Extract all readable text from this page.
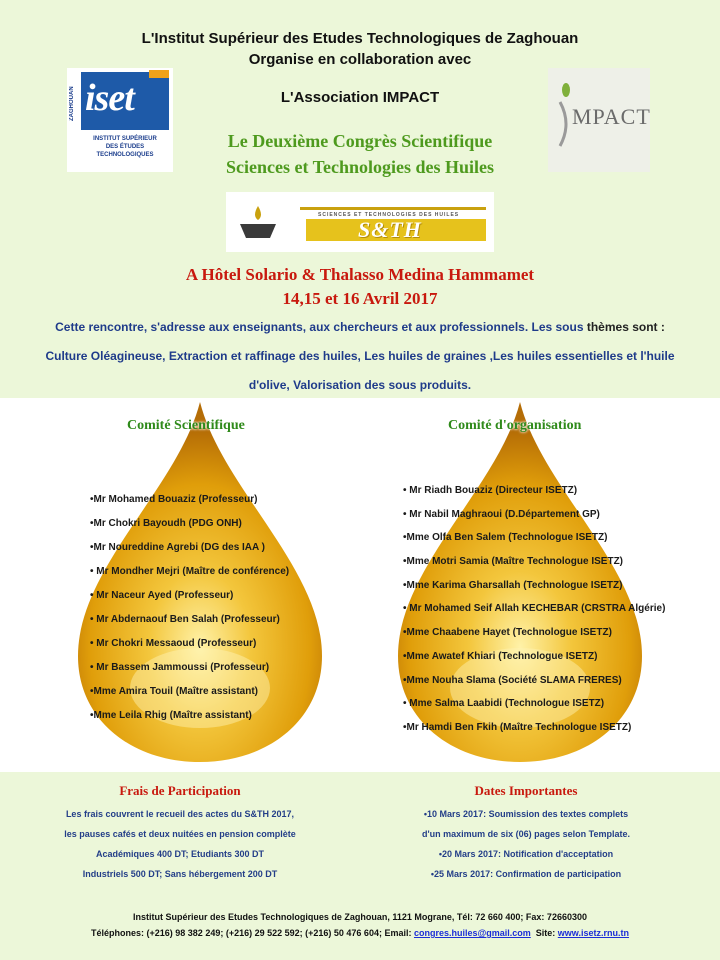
L'Institut Supérieur des Etudes Technologiques de Zaghouan
Organise en collaboration avec
L'Association IMPACT
ZAGHOUAN iset
INSTITUT SUPÉRIEUR
DES ÉTUDES
TECHNOLOGIQUES
MPACT
Le Deuxième Congrès Scientifique
Sciences et Technologies des Huiles
SCIENCES ET TECHNOLOGIES DES HUILES
S&TH
A Hôtel Solario & Thalasso Medina Hammamet
14,15 et 16 Avril 2017
Cette rencontre, s'adresse aux enseignants, aux chercheurs et aux professionnels. Les sous thèmes sont : Culture Oléagineuse, Extraction et raffinage des huiles, Les huiles de graines ,Les huiles essentielles et l'huile d'olive, Valorisation des sous produits.
Comité Scientifique	Comité d'organisation
•Mr Mohamed Bouaziz (Professeur)
•Mr Chokri Bayoudh (PDG ONH)
•Mr Noureddine Agrebi (DG des IAA )
• Mr Mondher Mejri (Maître de conférence)
• Mr Naceur Ayed (Professeur)
• Mr Abdernaouf Ben Salah (Professeur)
• Mr Chokri Messaoud (Professeur)
• Mr Bassem Jammoussi (Professeur)
•Mme Amira Touil (Maître assistant)
•Mme Leila Rhig (Maître assistant)
• Mr Riadh Bouaziz (Directeur ISETZ)
• Mr Nabil Maghraoui (D.Département GP)
•Mme Olfa Ben Salem (Technologue ISETZ)
•Mme Motri Samia (Maître Technologue ISETZ)
•Mme Karima Gharsallah (Technologue ISETZ)
• Mr Mohamed Seif Allah KECHEBAR (CRSTRA Algérie)
•Mme Chaabene Hayet (Technologue ISETZ)
•Mme Awatef Khiari (Technologue ISETZ)
•Mme Nouha Slama (Société SLAMA FRERES)
• Mme Salma Laabidi (Technologue ISETZ)
•Mr Hamdi Ben Fkih (Maître Technologue ISETZ)
Frais de Participation
Les frais couvrent le recueil des actes du S&TH 2017,
les pauses cafés et deux nuitées en pension complète
Académiques 400 DT; Etudiants 300 DT
Industriels 500 DT; Sans hébergement 200 DT
Dates Importantes
•10 Mars 2017: Soumission des textes complets
d'un maximum de six (06) pages selon Template.
•20 Mars 2017: Notification d'acceptation
•25 Mars 2017: Confirmation de participation
Institut Supérieur des Etudes Technologiques de Zaghouan, 1121 Mograne, Tél: 72 660 400; Fax: 72660300
Téléphones: (+216) 98 382 249; (+216) 29 522 592; (+216) 50 476 604; Email: congres.huiles@gmail.com  Site: www.isetz.rnu.tn
